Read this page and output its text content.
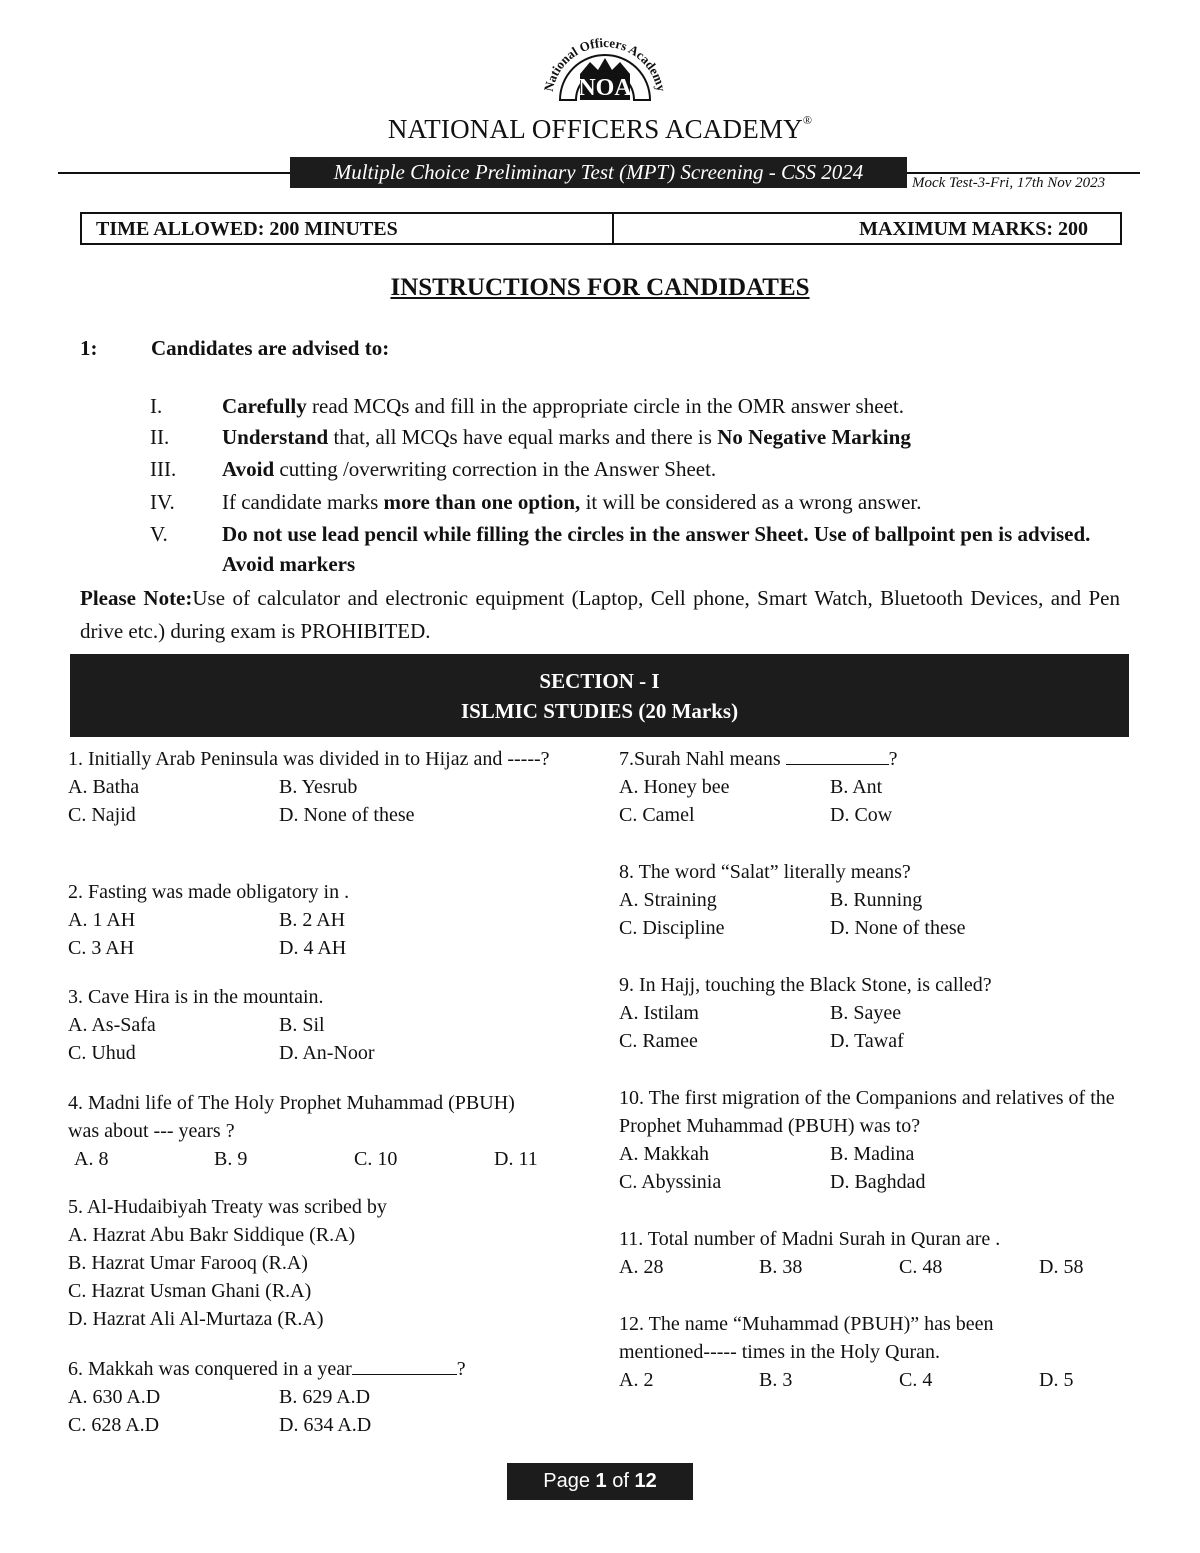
National Officers Academy
NOA
NATIONAL OFFICERS ACADEMY®
Multiple Choice Preliminary Test (MPT) Screening - CSS 2024	Mock Test-3-Fri, 17th Nov 2023
TIME ALLOWED: 200 MINUTES	MAXIMUM MARKS: 200
INSTRUCTIONS FOR CANDIDATES
1:	Candidates are advised to:
I.	Carefully read MCQs and fill in the appropriate circle in the OMR answer sheet.
II.	Understand that, all MCQs have equal marks and there is No Negative Marking
III.	Avoid cutting /overwriting correction in the Answer Sheet.
IV.	If candidate marks more than one option, it will be considered as a wrong answer.
V.	Do not use lead pencil while filling the circles in the answer Sheet. Use of ballpoint pen is advised. Avoid markers
Please Note:Use of calculator and electronic equipment (Laptop, Cell phone, Smart Watch, Bluetooth Devices, and Pen drive etc.) during exam is PROHIBITED.
SECTION - I
ISLMIC STUDIES (20 Marks)
1. Initially Arab Peninsula was divided in to Hijaz and -----?
A. Batha	B. Yesrub
C. Najid	D. None of these
2. Fasting was made obligatory in .
A. 1 AH	B. 2 AH
C. 3 AH	D. 4 AH
3. Cave Hira is in the mountain.
A. As-Safa	B. Sil
C. Uhud	D. An-Noor
4. Madni life of The Holy Prophet Muhammad (PBUH) was about --- years ?
A. 8	B. 9	C. 10	D. 11
5. Al-Hudaibiyah Treaty was scribed by
A. Hazrat Abu Bakr Siddique (R.A)
B. Hazrat Umar Farooq (R.A)
C. Hazrat Usman Ghani (R.A)
D. Hazrat Ali Al-Murtaza (R.A)
6. Makkah was conquered in a year	?
A. 630 A.D	B. 629 A.D
C. 628 A.D	D. 634 A.D
7.Surah Nahl means	?
A. Honey bee	B. Ant
C. Camel	D. Cow
8. The word “Salat” literally means?
A. Straining	B. Running
C. Discipline	D. None of these
9. In Hajj, touching the Black Stone, is called?
A. Istilam	B. Sayee
C. Ramee	D. Tawaf
10. The first migration of the Companions and relatives of the Prophet Muhammad (PBUH) was to?
A. Makkah	B. Madina
C. Abyssinia	D. Baghdad
11. Total number of Madni Surah in Quran are .
A. 28	B. 38	C. 48	D. 58
12. The name “Muhammad (PBUH)” has been mentioned----- times in the Holy Quran.
A. 2	B. 3	C. 4	D. 5
Page 1 of 12
